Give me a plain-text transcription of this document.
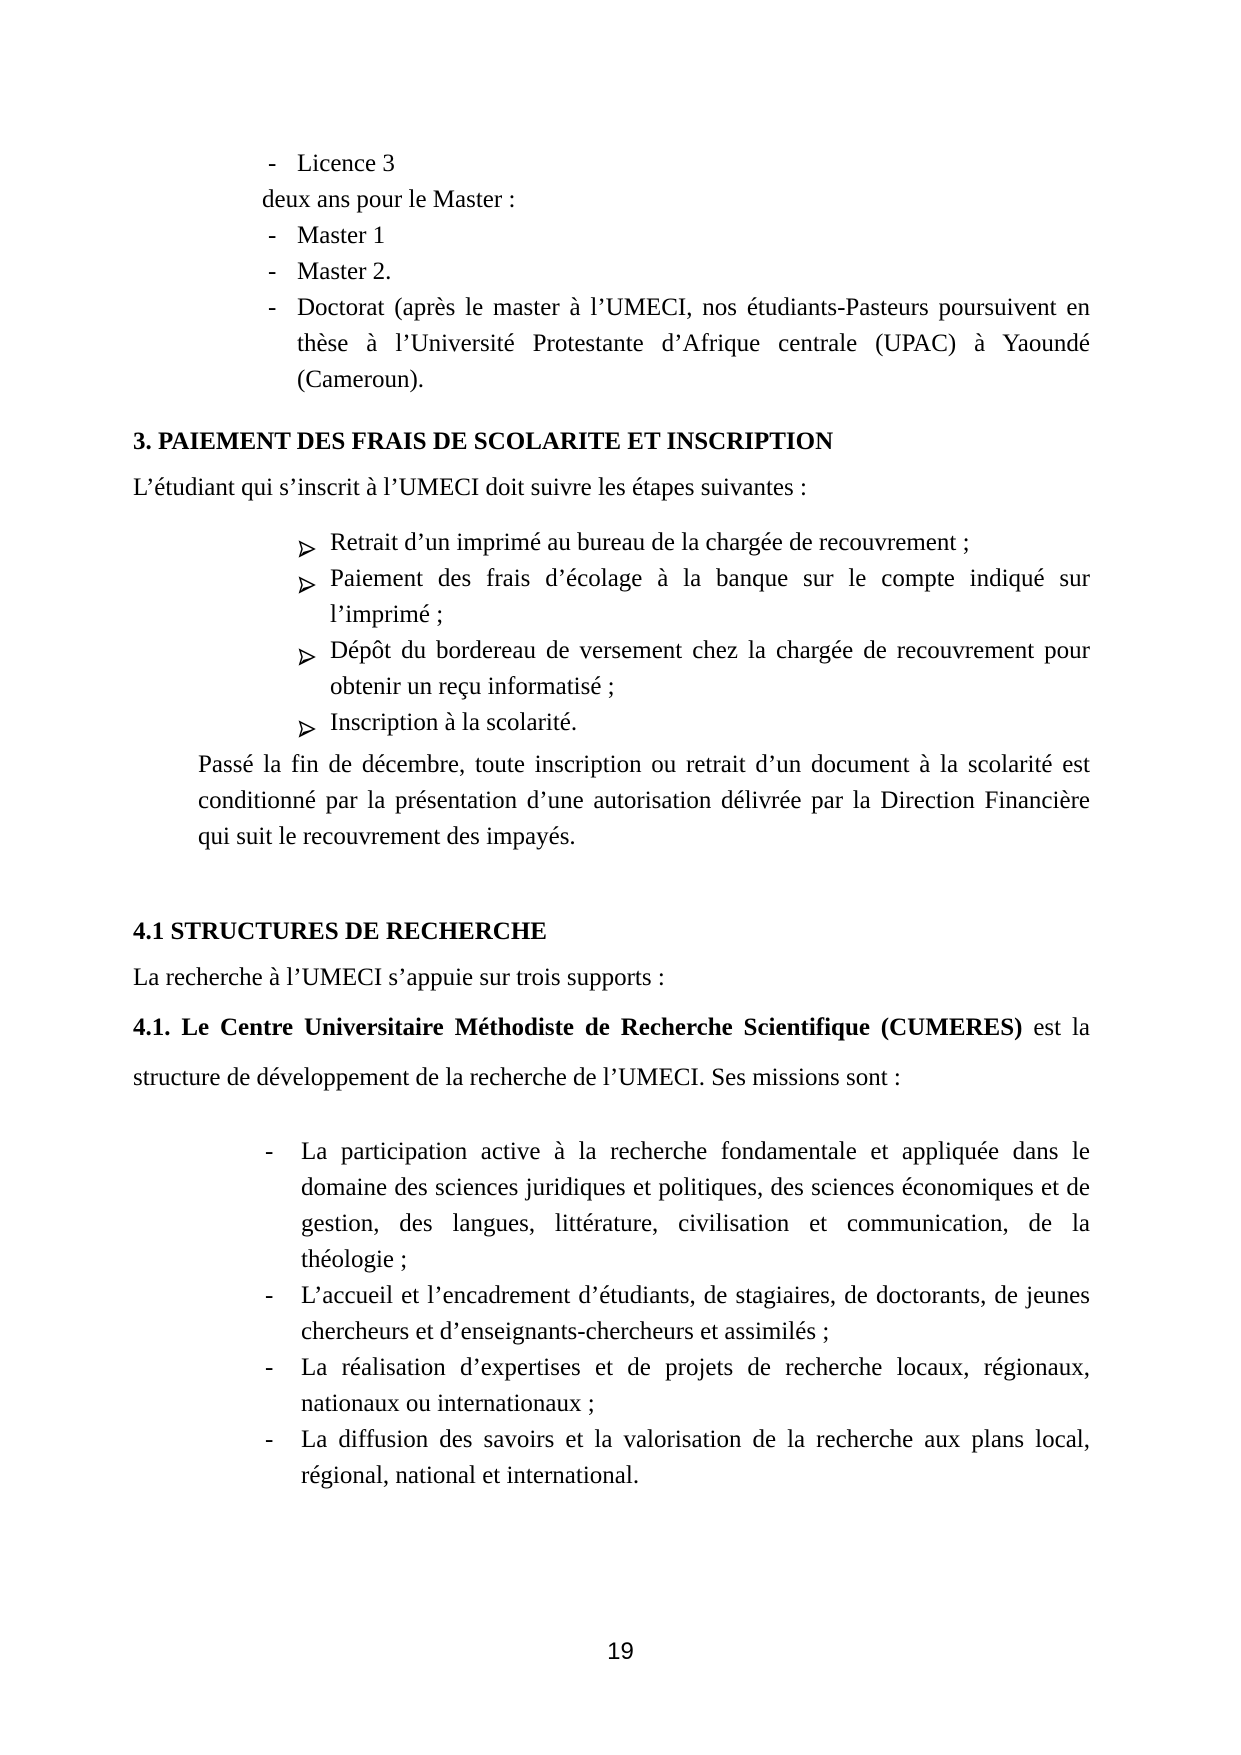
- Licence 3
deux ans pour le Master :
- Master 1
- Master 2.
- Doctorat (après le master à l’UMECI, nos étudiants-Pasteurs poursuivent en thèse à l’Université Protestante d’Afrique centrale (UPAC) à Yaoundé (Cameroun).
3. PAIEMENT DES FRAIS DE SCOLARITE ET INSCRIPTION

L’étudiant qui s’inscrit à l’UMECI doit suivre les étapes suivantes :

Retrait d’un imprimé au bureau de la chargée de recouvrement ;
Paiement des frais d’écolage à la banque sur le compte indiqué sur l’imprimé ;
Dépôt du bordereau de versement chez la chargée de recouvrement pour obtenir un reçu informatisé ;
Inscription à la scolarité.

Passé la fin de décembre, toute inscription ou retrait d’un document à la scolarité est conditionné par la présentation d’une autorisation délivrée par la Direction Financière qui suit le recouvrement des impayés.

4.1 STRUCTURES DE RECHERCHE

La recherche à l’UMECI s’appuie sur trois supports :

4.1. Le Centre Universitaire Méthodiste de Recherche Scientifique (CUMERES) est la structure de développement de la recherche de l’UMECI. Ses missions sont :

-	La participation active à la recherche fondamentale et appliquée dans le domaine des sciences juridiques et politiques, des sciences économiques et de gestion, des langues, littérature, civilisation et communication, de la théologie ;
-	L’accueil et l’encadrement d’étudiants, de stagiaires, de doctorants, de jeunes chercheurs et d’enseignants-chercheurs et assimilés ;
-	La réalisation d’expertises et de projets de recherche locaux, régionaux, nationaux ou internationaux ;
-	La diffusion des savoirs et la valorisation de la recherche aux plans local, régional, national et international.
19
